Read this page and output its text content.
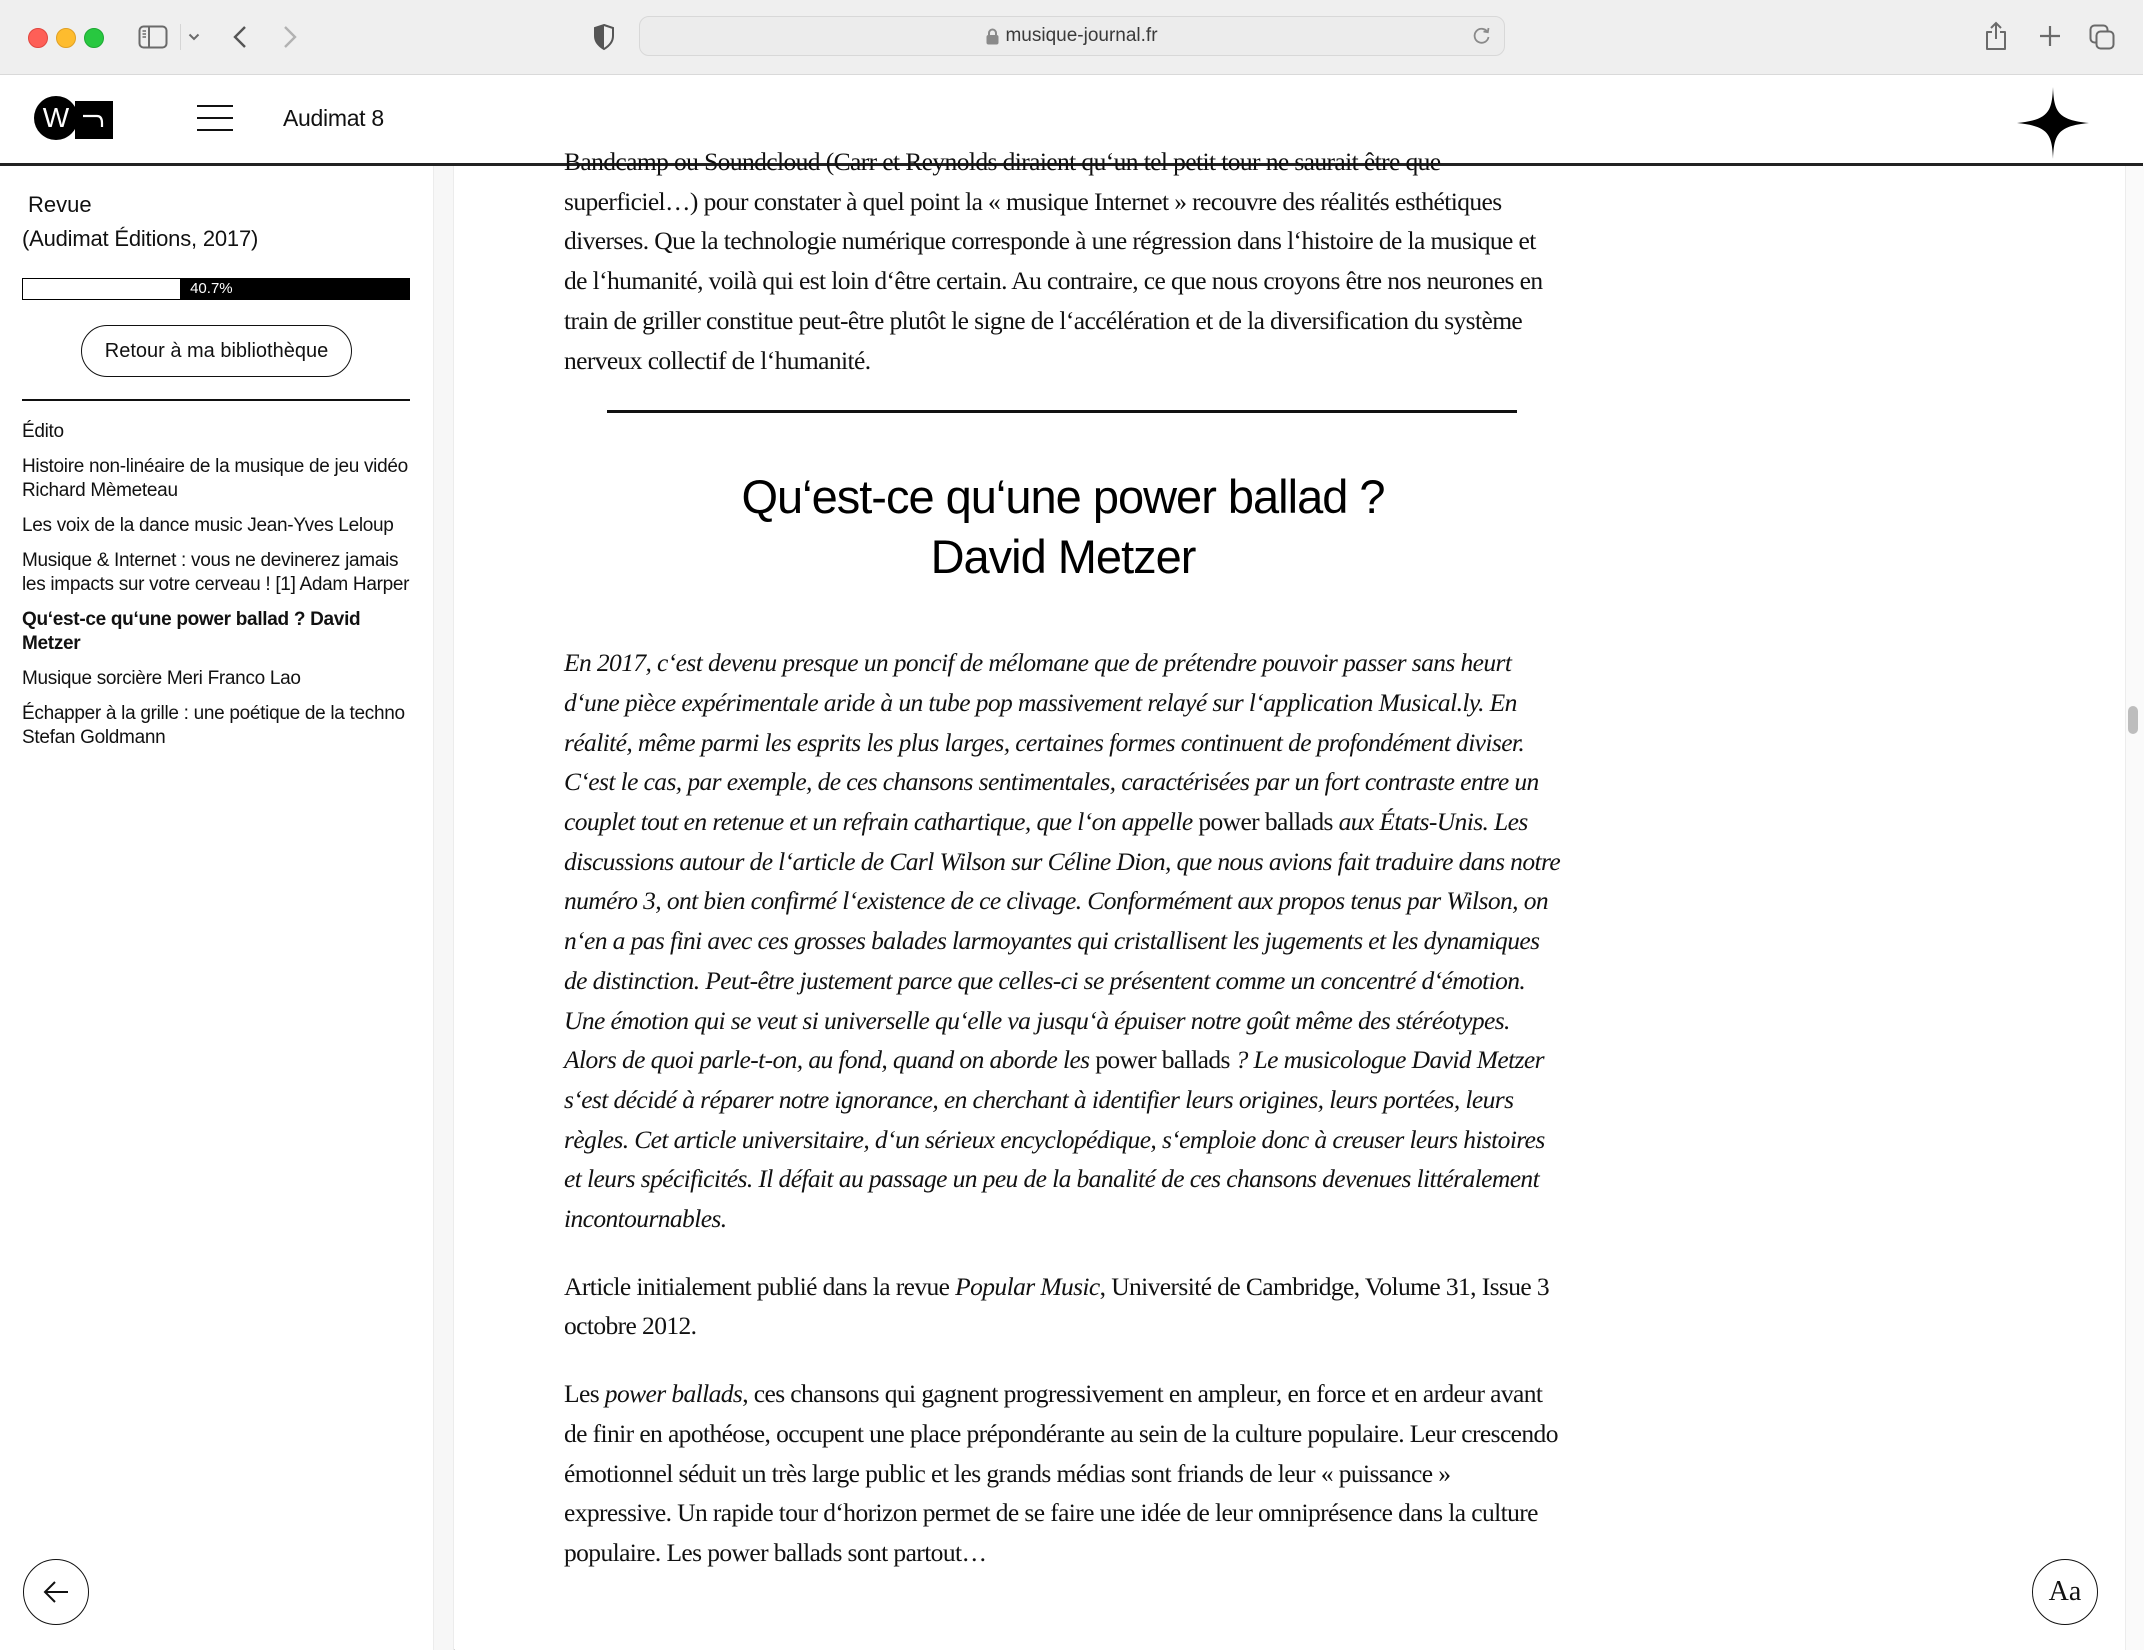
musique-journal.fr
W	Audimat 8
Revue
(Audimat Éditions, 2017)
40.7%
Retour à ma bibliothèque
Édito
Histoire non-linéaire de la musique de jeu vidéo Richard Mèmeteau
Les voix de la dance music Jean-Yves Leloup
Musique & Internet : vous ne devinerez jamais les impacts sur votre cerveau ! [1] Adam Harper
Qu‘est-ce qu‘une power ballad ? David Metzer
Musique sorcière Meri Franco Lao
Échapper à la grille : une poétique de la techno Stefan Goldmann

Bandcamp ou Soundcloud (Carr et Reynolds diraient qu‘un tel petit tour ne saurait être que superficiel…) pour constater à quel point la « musique Internet » recouvre des réalités esthétiques diverses. Que la technologie numérique corresponde à une régression dans l‘histoire de la musique et de l‘humanité, voilà qui est loin d‘être certain. Au contraire, ce que nous croyons être nos neurones en train de griller constitue peut-être plutôt le signe de l‘accélération et de la diversification du système nerveux collectif de l‘humanité.

Qu‘est-ce qu‘une power ballad ?
David Metzer

En 2017, c‘est devenu presque un poncif de mélomane que de prétendre pouvoir passer sans heurt d‘une pièce expérimentale aride à un tube pop massivement relayé sur l‘application Musical.ly. En réalité, même parmi les esprits les plus larges, certaines formes continuent de profondément diviser. C‘est le cas, par exemple, de ces chansons sentimentales, caractérisées par un fort contraste entre un couplet tout en retenue et un refrain cathartique, que l‘on appelle power ballads aux États-Unis. Les discussions autour de l‘article de Carl Wilson sur Céline Dion, que nous avions fait traduire dans notre numéro 3, ont bien confirmé l‘existence de ce clivage. Conformément aux propos tenus par Wilson, on n‘en a pas fini avec ces grosses balades larmoyantes qui cristallisent les jugements et les dynamiques de distinction. Peut-être justement parce que celles-ci se présentent comme un concentré d‘émotion. Une émotion qui se veut si universelle qu‘elle va jusqu‘à épuiser notre goût même des stéréotypes. Alors de quoi parle-t-on, au fond, quand on aborde les power ballads ? Le musicologue David Metzer s‘est décidé à réparer notre ignorance, en cherchant à identifier leurs origines, leurs portées, leurs règles. Cet article universitaire, d‘un sérieux encyclopédique, s‘emploie donc à creuser leurs histoires et leurs spécificités. Il défait au passage un peu de la banalité de ces chansons devenues littéralement incontournables.

Article initialement publié dans la revue Popular Music, Université de Cambridge, Volume 31, Issue 3 octobre 2012.

Les power ballads, ces chansons qui gagnent progressivement en ampleur, en force et en ardeur avant de finir en apothéose, occupent une place prépondérante au sein de la culture populaire. Leur crescendo émotionnel séduit un très large public et les grands médias sont friands de leur « puissance » expressive. Un rapide tour d‘horizon permet de se faire une idée de leur omniprésence dans la culture populaire. Les power ballads sont partout…

Aa
